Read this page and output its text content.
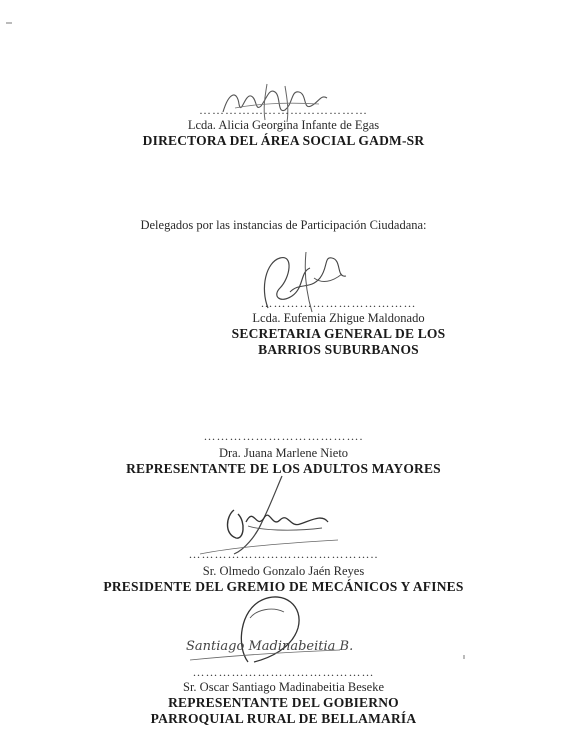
…………………………………
Lcda. Alicia Georgina Infante de Egas
DIRECTORA DEL ÁREA SOCIAL GADM-SR
Delegados por las instancias de Participación Ciudadana:
………………………………
Lcda. Eufemia Zhigue Maldonado
SECRETARIA GENERAL DE LOS
BARRIOS SUBURBANOS
……………………………….
Dra. Juana Marlene Nieto
REPRESENTANTE DE LOS ADULTOS MAYORES
……………………………………..
Sr. Olmedo Gonzalo Jaén Reyes
PRESIDENTE DEL GREMIO DE MECÁNICOS Y AFINES
Santiago Madinabeitia B.
……………………………………
Sr. Oscar Santiago Madinabeitia Beseke
REPRESENTANTE DEL GOBIERNO
PARROQUIAL RURAL DE BELLAMARÍA
